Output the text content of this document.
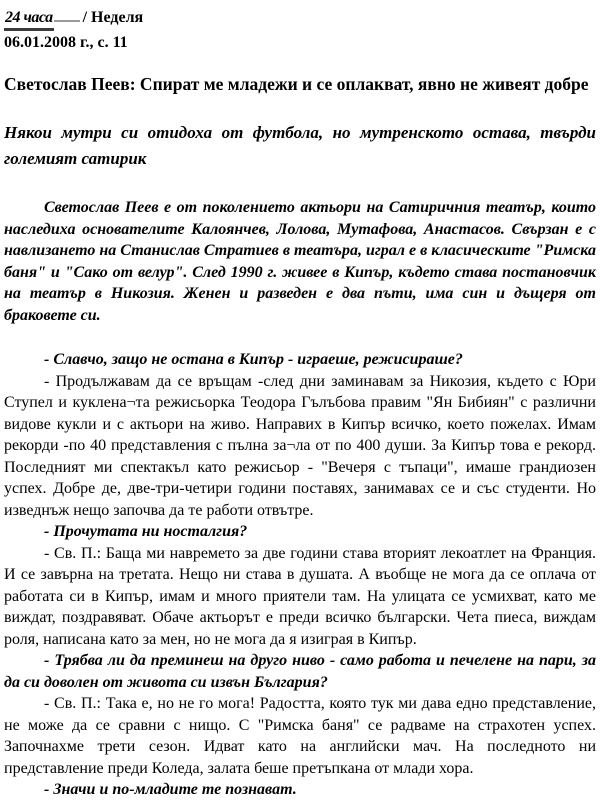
24 часа / Неделя
06.01.2008 г., с. 11
Светослав Пеев: Спират ме младежи и се оплакват, явно не живеят добре
Някои мутри си отидоха от футбола, но мутренското остава, твърди големият сатирик

Светослав Пеев е от поколението актьори на Сатиричния театър, които наследиха основателите Калоянчев, Лолова, Мутафова, Анастасов. Свързан е с навлизането на Станислав Стратиев в театъра, играл е в класическите "Римска баня" и "Сако от велур". След 1990 г. живее в Кипър, където става постановчик на театър в Никозия. Женен и разведен е два пъти, има син и дъщеря от браковете си.

- Славчо, защо не остана в Кипър - играеше, режисираше?

- Продължавам да се връщам -след дни заминавам за Никозия, където с Юри Ступел и куклена¬та режисьорка Теодора Гълъбова правим "Ян Бибиян" с различни видове кукли и с актьори на живо. Направих в Кипър всичко, което пожелах. Имам рекорди -по 40 представления с пълна за¬ла от по 400 души. За Кипър това е рекорд. Последният ми спектакъл като режисьор - "Вечеря с тъпаци", имаше грандиозен успех. Добре де, две-три-четири години поставях, занимавах се и със студенти. Но изведнъж нещо започва да те работи отвътре.

- Прочутата ни носталгия?

- Св. П.: Баща ми навремето за две години става вторият лекоатлет на Франция. И се завърна на третата. Нещо ни става в душата. А въобще не мога да се оплача от работата си в Кипър, имам и много приятели там. На улицата се усмихват, като ме виждат, поздравяват. Обаче актьорът е преди всичко български. Чета пиеса, виждам роля, написана като за мен, но не мога да я изиграя в Кипър.

- Трябва ли да преминеш на друго ниво - само работа и печелене на пари, за да си доволен от живота си извън България?

- Св. П.: Така е, но не го мога! Радостта, която тук ми дава едно представление, не може да се сравни с нищо. С "Римска баня" се радваме на страхотен успех. Започнахме трети сезон. Идват като на английски мач. На последното ни представление преди Коледа, залата беше претъпкана от млади хора.

- Значи и по-младите те познават.
